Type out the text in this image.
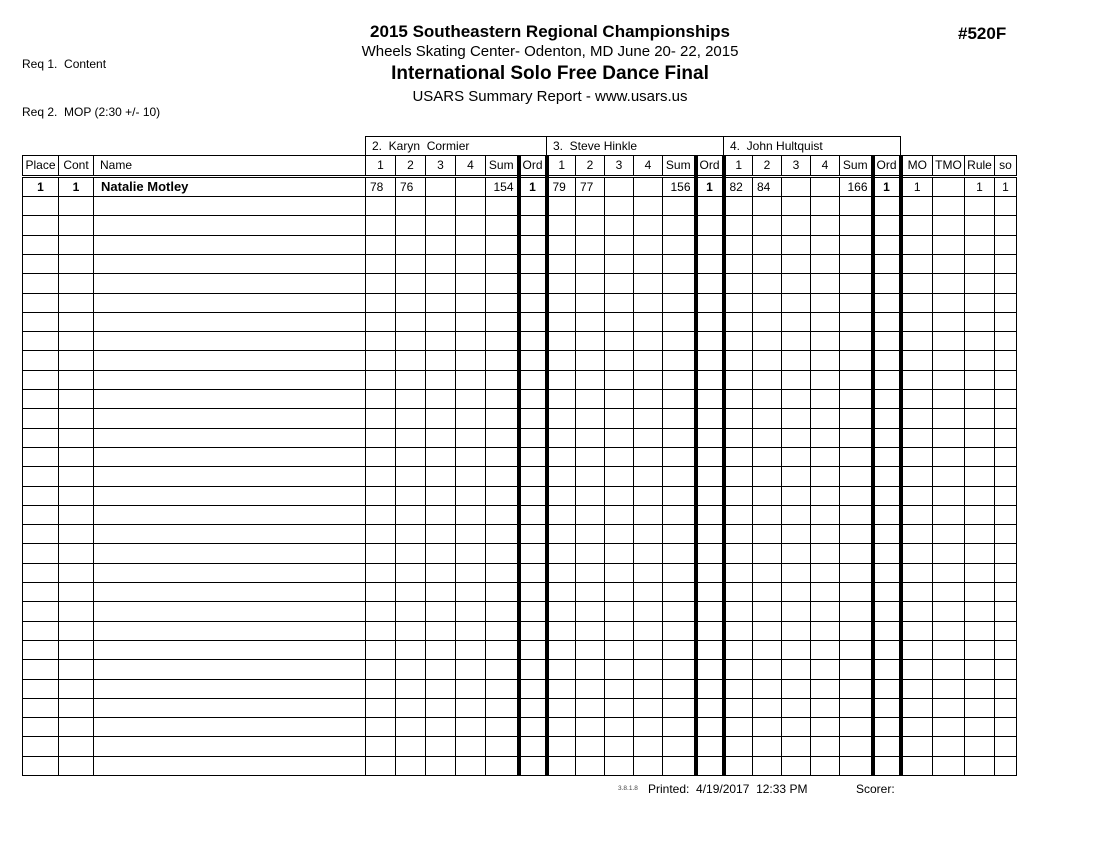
Req 1.  Content

Req 2.  MOP (2:30 +/- 10)

2015 Southeastern Regional Championships
Wheels Skating Center- Odenton, MD June 20- 22, 2015
International Solo Free Dance Final
USARS Summary Report - www.usars.us
#520F
			2.  Karyn  Cormier						3.  Steve Hinkle						4.  John Hultquist									
Place	Cont	Name	1	2	3	4	Sum	Ord	1	2	3	4	Sum	Ord	1	2	3	4	Sum	Ord	MO	TMO	Rule	so
1	1	Natalie Motley	78	76			154	1	79	77			156	1	82	84			166	1	1		1	1

3.8.1.8 Printed:  4/19/2017  12:33 PM	Scorer:
